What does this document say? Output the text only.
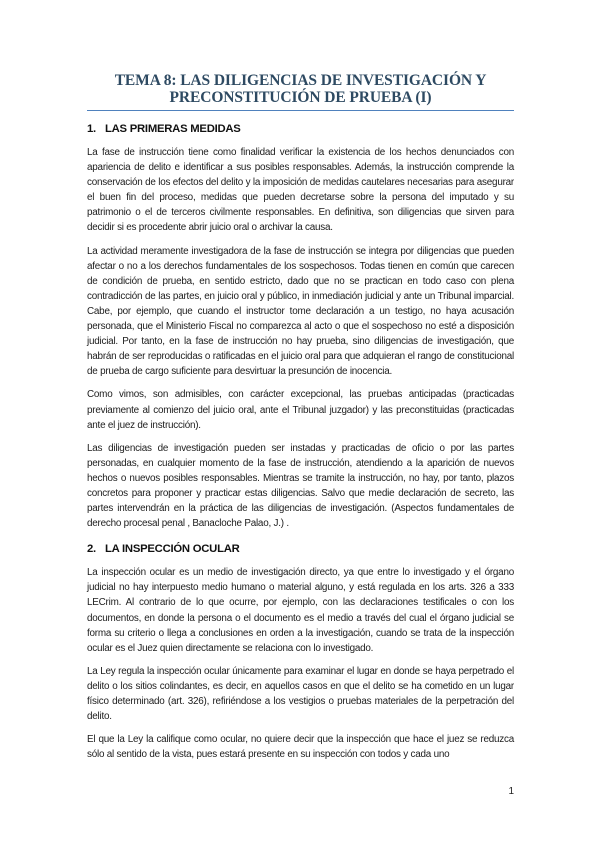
TEMA 8: LAS DILIGENCIAS DE INVESTIGACIÓN Y
PRECONSTITUCIÓN DE PRUEBA (I)
1. LAS PRIMERAS MEDIDAS

La fase de instrucción tiene como finalidad verificar la existencia de los hechos denunciados con apariencia de delito e identificar a sus posibles responsables. Además, la instrucción comprende la conservación de los efectos del delito y la imposición de medidas cautelares necesarias para asegurar el buen fin del proceso, medidas que pueden decretarse sobre la persona del imputado y su patrimonio o el de terceros civilmente responsables. En definitiva, son diligencias que sirven para decidir si es procedente abrir juicio oral o archivar la causa.

La actividad meramente investigadora de la fase de instrucción se integra por diligencias que pueden afectar o no a los derechos fundamentales de los sospechosos. Todas tienen en común que carecen de condición de prueba, en sentido estricto, dado que no se practican en todo caso con plena contradicción de las partes, en juicio oral y público, in inmediación judicial y ante un Tribunal imparcial. Cabe, por ejemplo, que cuando el instructor tome declaración a un testigo, no haya acusación personada, que el Ministerio Fiscal no comparezca al acto o que el sospechoso no esté a disposición judicial. Por tanto, en la fase de instrucción no hay prueba, sino diligencias de investigación, que habrán de ser reproducidas o ratificadas en el juicio oral para que adquieran el rango de constitucional de prueba de cargo suficiente para desvirtuar la presunción de inocencia.

Como vimos, son admisibles, con carácter excepcional, las pruebas anticipadas (practicadas previamente al comienzo del juicio oral, ante el Tribunal juzgador) y las preconstituidas (practicadas ante el juez de instrucción).

Las diligencias de investigación pueden ser instadas y practicadas de oficio o por las partes personadas, en cualquier momento de la fase de instrucción, atendiendo a la aparición de nuevos hechos o nuevos posibles responsables. Mientras se tramite la instrucción, no hay, por tanto, plazos concretos para proponer y practicar estas diligencias. Salvo que medie declaración de secreto, las partes intervendrán en la práctica de las diligencias de investigación. (Aspectos fundamentales de derecho procesal penal , Banacloche Palao, J.) .

2. LA INSPECCIÓN OCULAR

La inspección ocular es un medio de investigación directo, ya que entre lo investigado y el órgano judicial no hay interpuesto medio humano o material alguno, y está regulada en los arts. 326 a 333 LECrim. Al contrario de lo que ocurre, por ejemplo, con las declaraciones testificales o con los documentos, en donde la persona o el documento es el medio a través del cual el órgano judicial se forma su criterio o llega a conclusiones en orden a la investigación, cuando se trata de la inspección ocular es el Juez quien directamente se relaciona con lo investigado.

La Ley regula la inspección ocular únicamente para examinar el lugar en donde se haya perpetrado el delito o los sitios colindantes, es decir, en aquellos casos en que el delito se ha cometido en un lugar físico determinado (art. 326), refiriéndose a los vestigios o pruebas materiales de la perpetración del delito.

El que la Ley la califique como ocular, no quiere decir que la inspección que hace el juez se reduzca sólo al sentido de la vista, pues estará presente en su inspección con todos y cada uno

1
